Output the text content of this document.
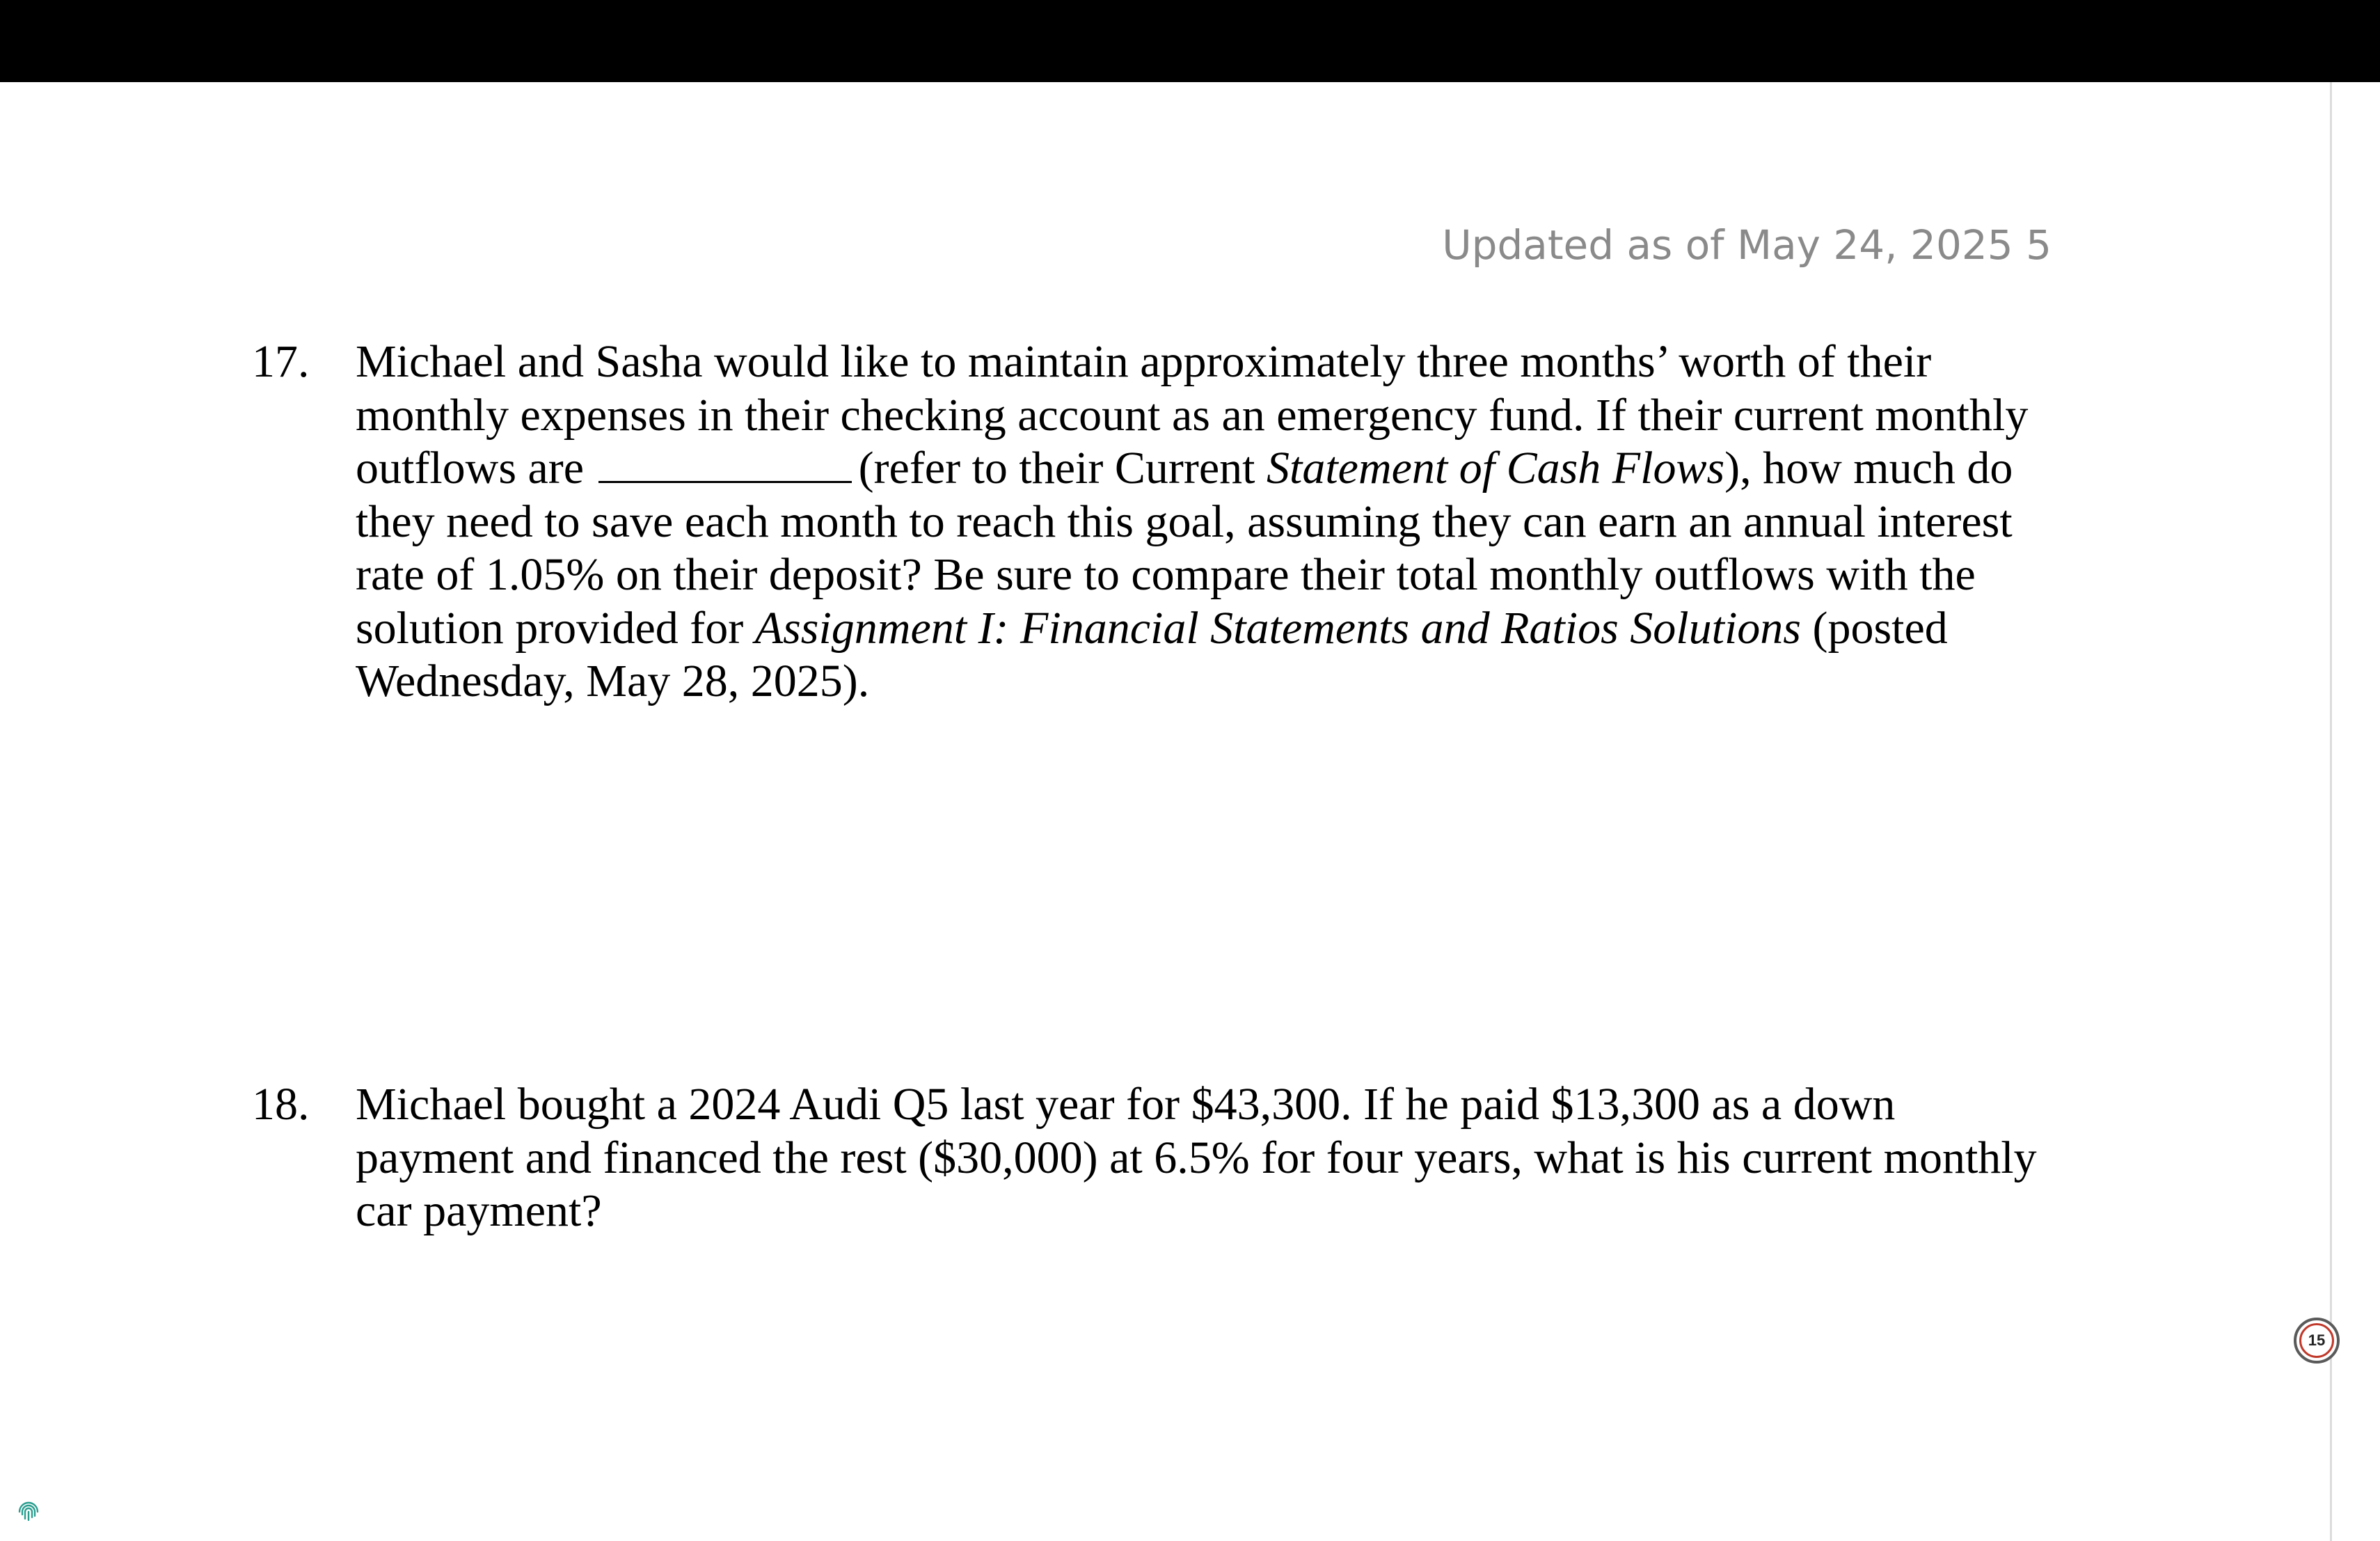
Updated as of May 24, 2025 5
17.	Michael and Sasha would like to maintain approximately three months’ worth of their monthly expenses in their checking account as an emergency fund. If their current monthly outflows are	(refer to their Current Statement of Cash Flows), how much do they need to save each month to reach this goal, assuming they can earn an annual interest rate of 1.05% on their deposit? Be sure to compare their total monthly outflows with the solution provided for Assignment I: Financial Statements and Ratios Solutions (posted Wednesday, May 28, 2025).
18.	Michael bought a 2024 Audi Q5 last year for $43,300. If he paid $13,300 as a down payment and financed the rest ($30,000) at 6.5% for four years, what is his current monthly car payment?
15
